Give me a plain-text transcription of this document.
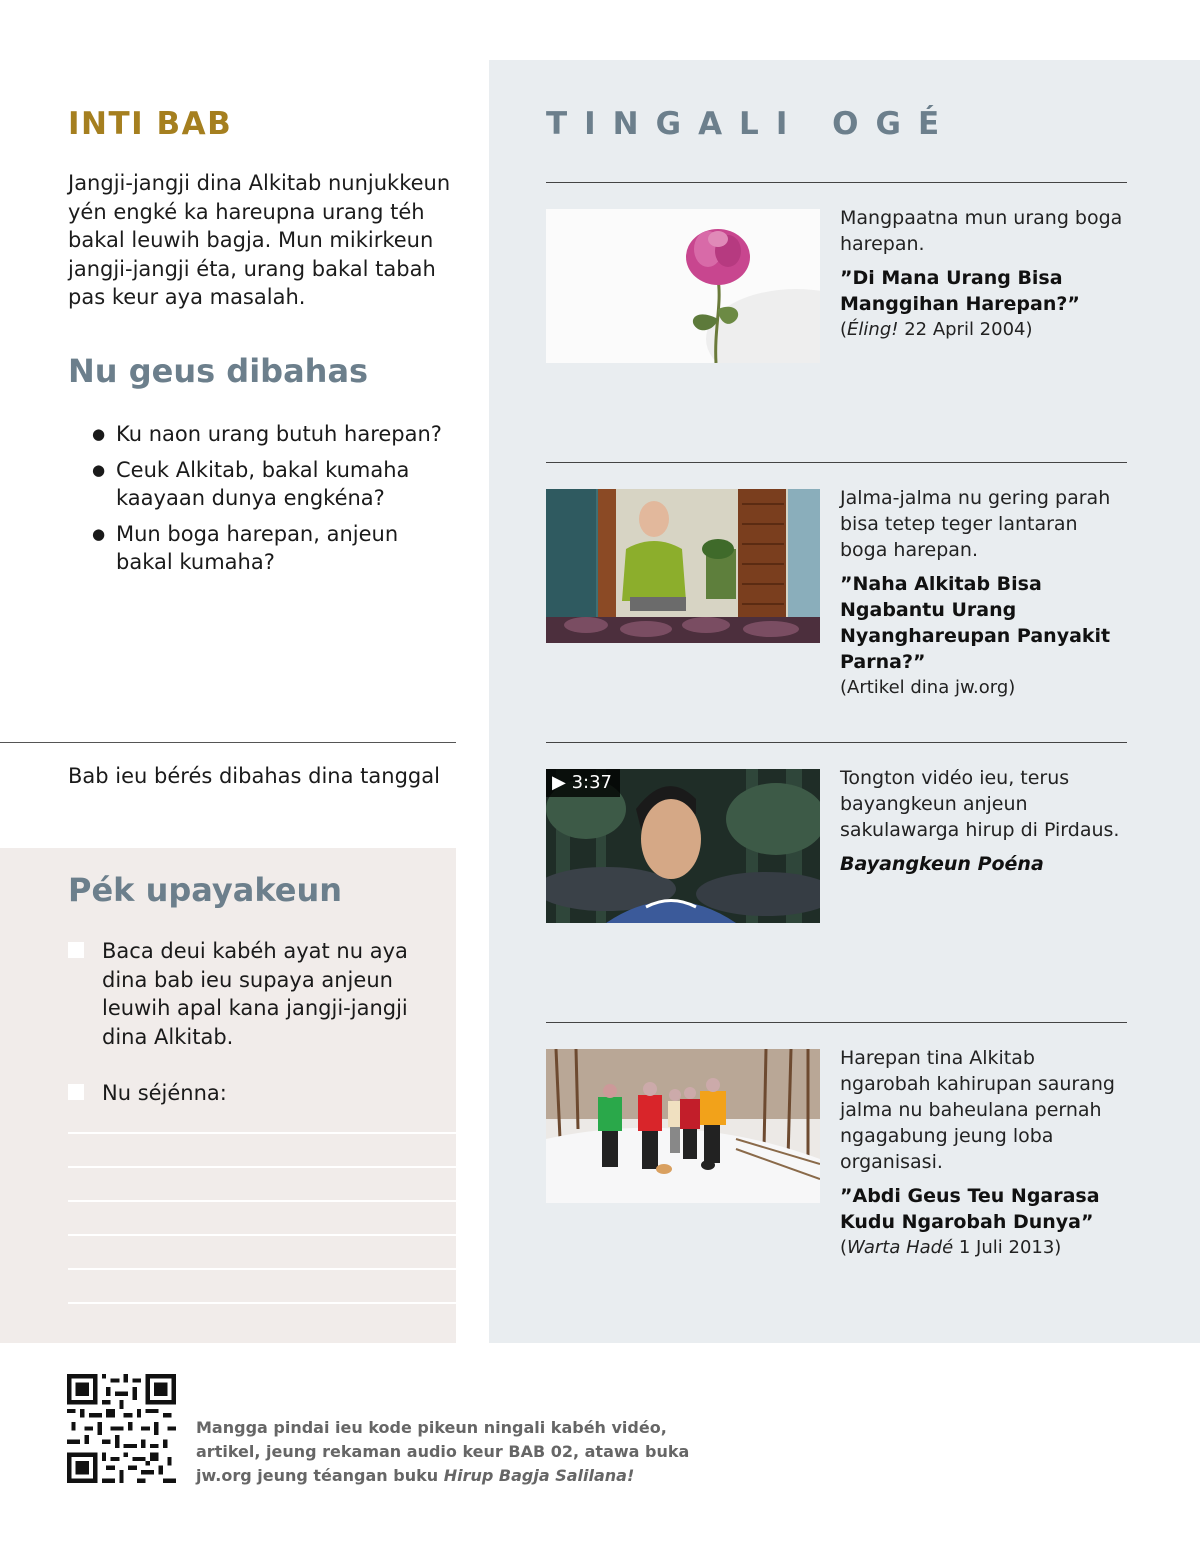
INTI BAB

Jangji-jangji dina Alkitab nunjukkeun yén engké ka hareupna urang téh bakal leuwih bagja. Mun mikirkeun jangji-jangji éta, urang bakal tabah pas keur aya masalah.

Nu geus dibahas
● Ku naon urang butuh harepan?
● Ceuk Alkitab, bakal kumaha kaayaan dunya engkéna?
● Mun boga harepan, anjeun bakal kumaha?

Bab ieu bérés dibahas dina tanggal

Pék upayakeun
Baca deui kabéh ayat nu aya dina bab ieu supaya anjeun leuwih apal kana jangji-jangji dina Alkitab.
Nu séjénna:
TINGALI OGÉ

Mangpaatna mun urang boga harepan.

”Di Mana Urang Bisa Manggihan Harepan?”

(Éling! 22 April 2004)

Jalma-jalma nu gering parah bisa tetep teger lantaran boga harepan.

”Naha Alkitab Bisa Ngabantu Urang Nyanghareupan Panyakit Parna?”

(Artikel dina jw.org)

▶ 3:37	Tongton vidéo ieu, terus bayangkeun anjeun sakulawarga hirup di Pirdaus.

Bayangkeun Poéna

Harepan tina Alkitab ngarobah kahirupan saurang jalma nu baheulana pernah ngagabung jeung loba organisasi.

”Abdi Geus Teu Ngarasa Kudu Ngarobah Dunya”

(Warta Hadé 1 Juli 2013)

Mangga pindai ieu kode pikeun ningali kabéh vidéo, artikel, jeung rekaman audio keur BAB 02, atawa buka jw.org jeung téangan buku Hirup Bagja Salilana!
